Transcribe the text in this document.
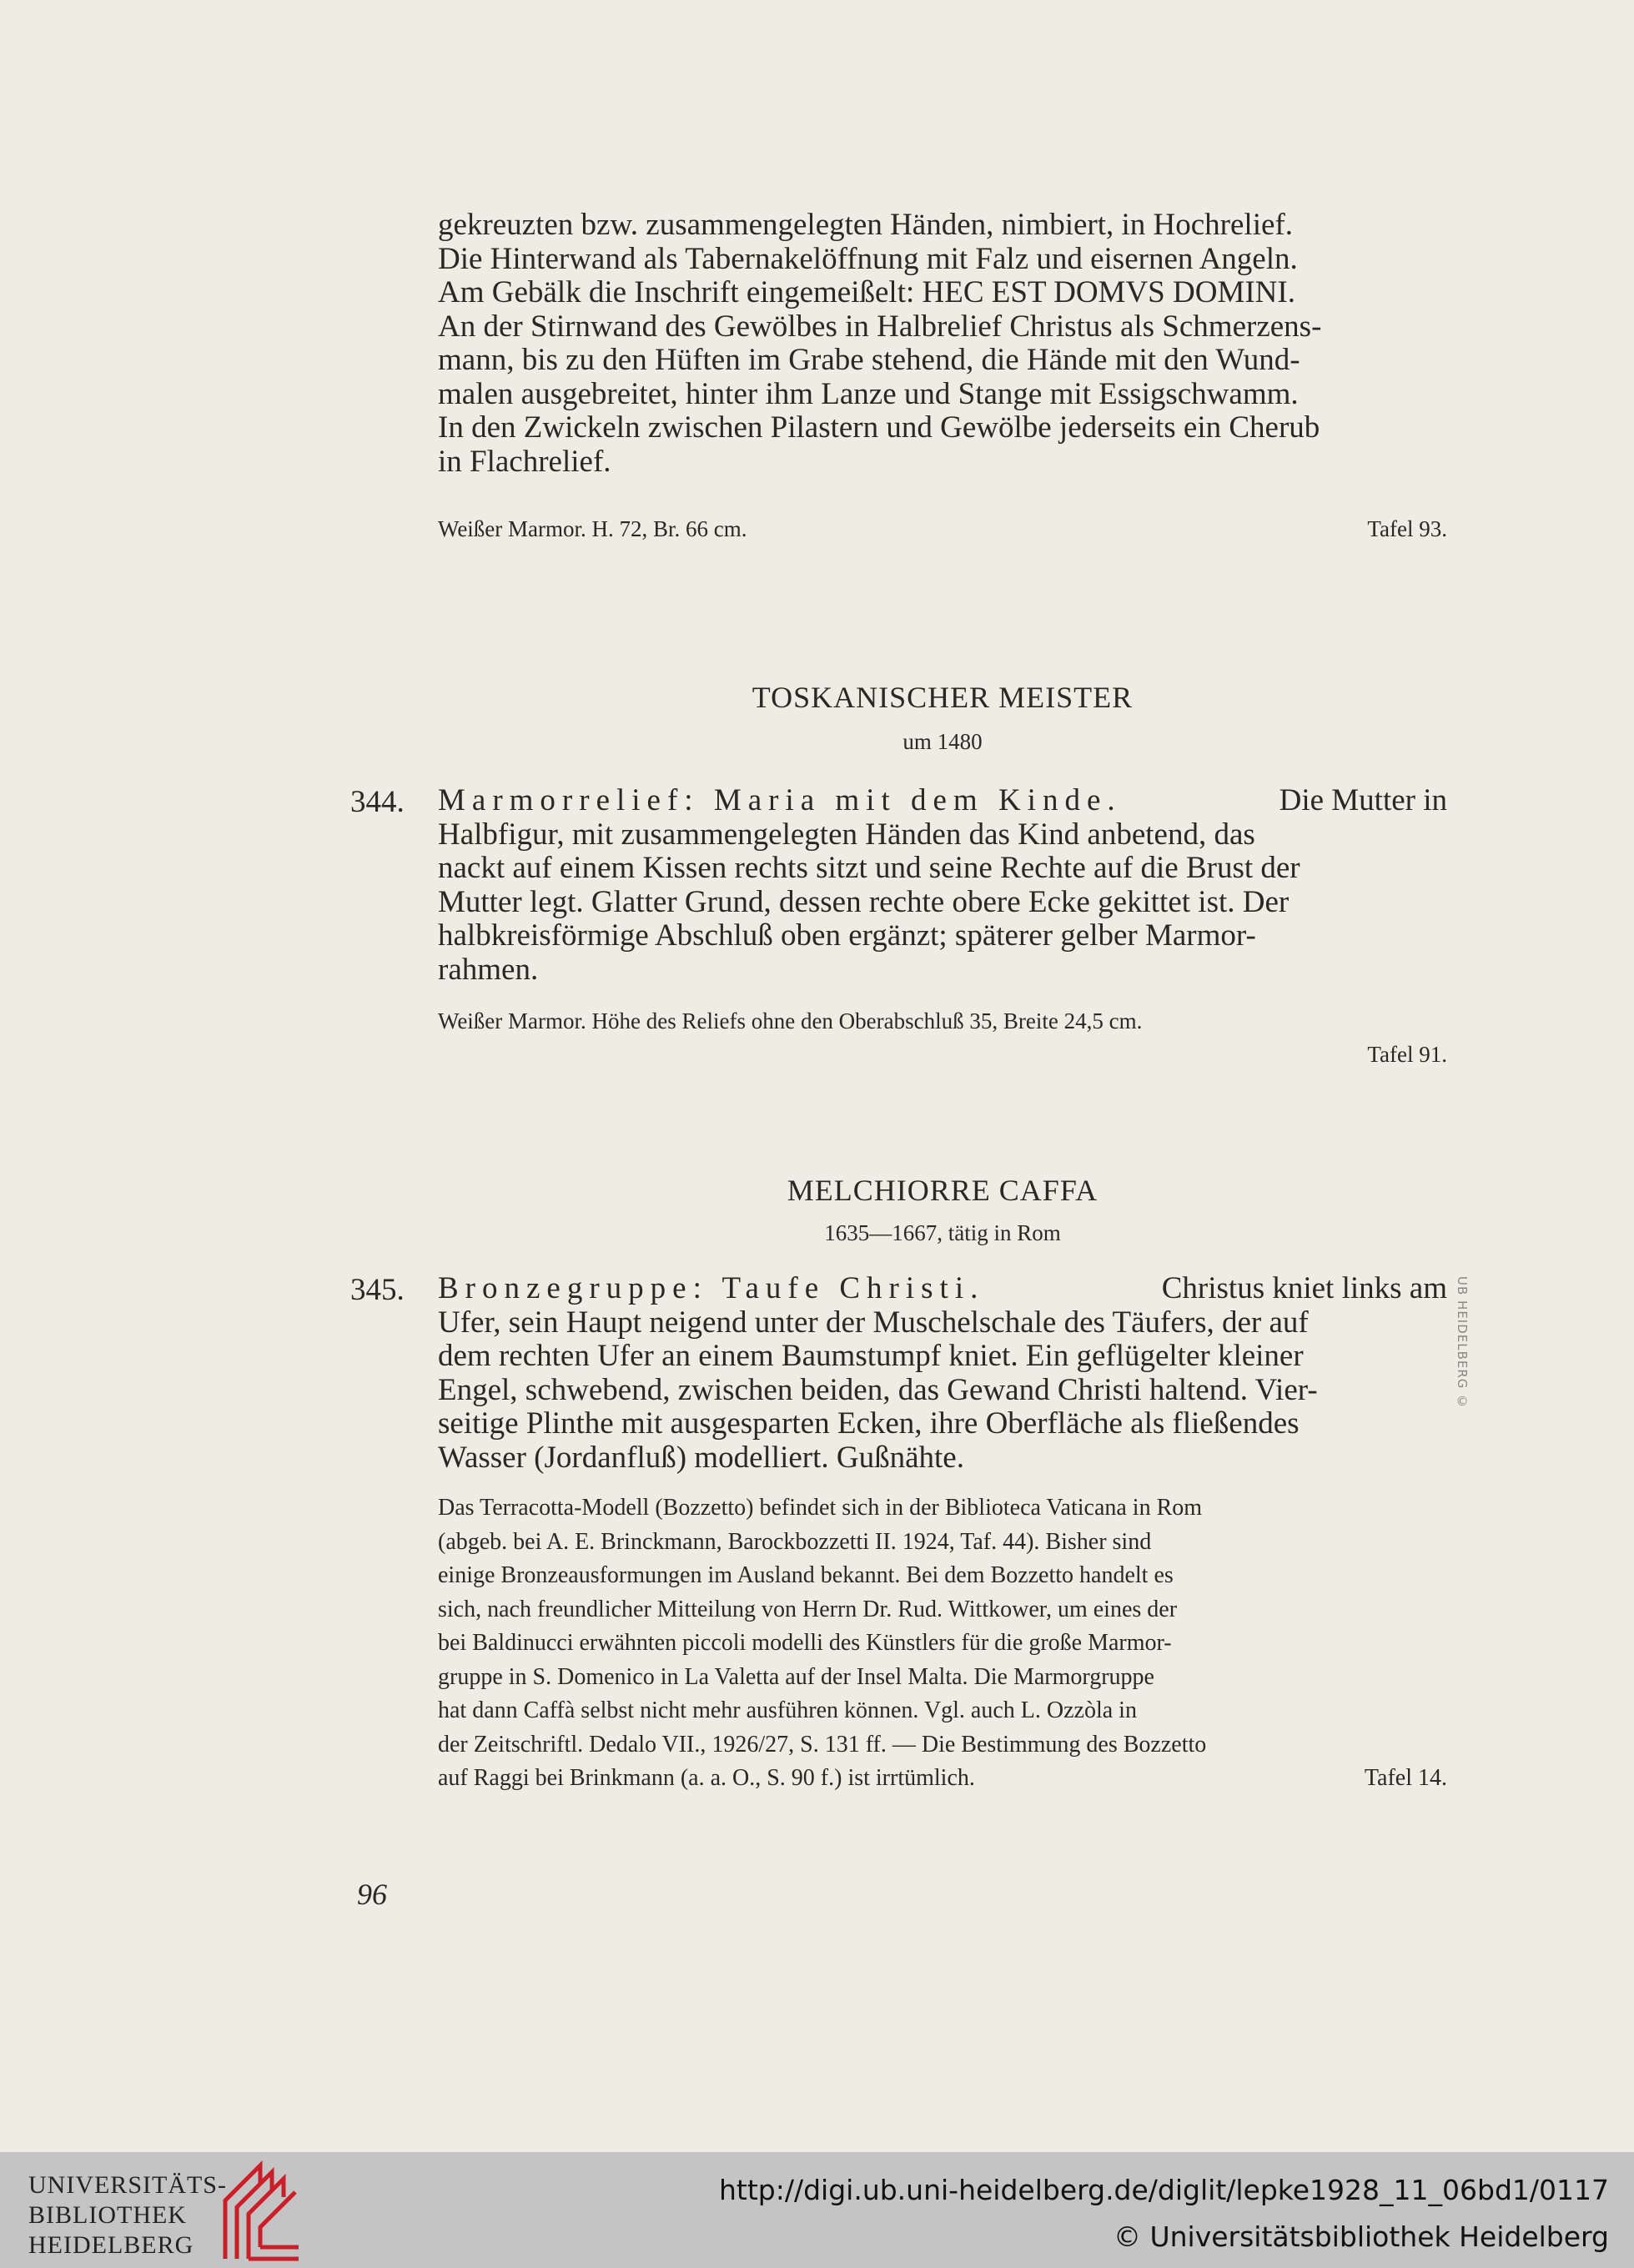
gekreuzten bzw. zusammengelegten Händen, nimbiert, in Hochrelief.
Die Hinterwand als Tabernakelöffnung mit Falz und eisernen Angeln.
Am Gebälk die Inschrift eingemeißelt: HEC EST DOMVS DOMINI.
An der Stirnwand des Gewölbes in Halbrelief Christus als Schmerzens-
mann, bis zu den Hüften im Grabe stehend, die Hände mit den Wund-
malen ausgebreitet, hinter ihm Lanze und Stange mit Essigschwamm.
In den Zwickeln zwischen Pilastern und Gewölbe jederseits ein Cherub
in Flachrelief.
Weißer Marmor. H. 72, Br. 66 cm.	Tafel 93.
TOSKANISCHER MEISTER
um 1480
344. Marmorrelief: Maria mit dem Kinde.	Die Mutter in
Halbfigur, mit zusammengelegten Händen das Kind anbetend, das
nackt auf einem Kissen rechts sitzt und seine Rechte auf die Brust der
Mutter legt. Glatter Grund, dessen rechte obere Ecke gekittet ist. Der
halbkreisförmige Abschluß oben ergänzt; späterer gelber Marmor-
rahmen.
Weißer Marmor. Höhe des Reliefs ohne den Oberabschluß 35, Breite 24,5 cm.
Tafel 91.
MELCHIORRE CAFFA
1635—1667, tätig in Rom
345. Bronzegruppe: Taufe Christi.	Christus kniet links am
Ufer, sein Haupt neigend unter der Muschelschale des Täufers, der auf
dem rechten Ufer an einem Baumstumpf kniet. Ein geflügelter kleiner
Engel, schwebend, zwischen beiden, das Gewand Christi haltend. Vier-
seitige Plinthe mit ausgesparten Ecken, ihre Oberfläche als fließendes
Wasser (Jordanfluß) modelliert. Gußnähte.
UB HEIDELBERG ©
Das Terracotta-Modell (Bozzetto) befindet sich in der Biblioteca Vaticana in Rom
(abgeb. bei A. E. Brinckmann, Barockbozzetti II. 1924, Taf. 44). Bisher sind
einige Bronzeausformungen im Ausland bekannt. Bei dem Bozzetto handelt es
sich, nach freundlicher Mitteilung von Herrn Dr. Rud. Wittkower, um eines der
bei Baldinucci erwähnten piccoli modelli des Künstlers für die große Marmor-
gruppe in S. Domenico in La Valetta auf der Insel Malta. Die Marmorgruppe
hat dann Caffà selbst nicht mehr ausführen können. Vgl. auch L. Ozzòla in
der Zeitschriftl. Dedalo VII., 1926/27, S. 131 ff. — Die Bestimmung des Bozzetto
auf Raggi bei Brinkmann (a. a. O., S. 90 f.) ist irrtümlich.	Tafel 14.
96
UNIVERSITÄTS-
BIBLIOTHEK
HEIDELBERG
http://digi.ub.uni-heidelberg.de/diglit/lepke1928_11_06bd1/0117
© Universitätsbibliothek Heidelberg
